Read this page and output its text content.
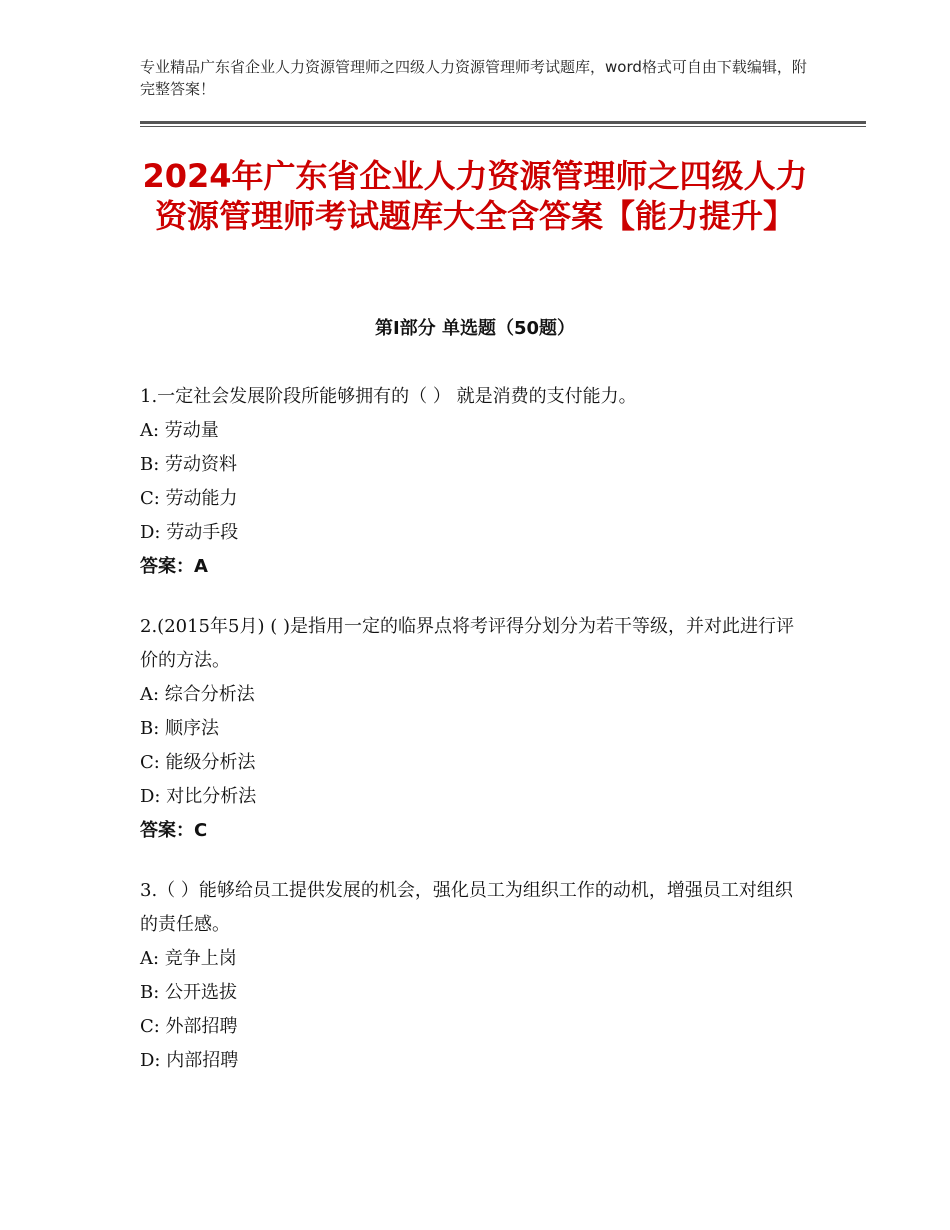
专业精品广东省企业人力资源管理师之四级人力资源管理师考试题库，word格式可自由下载编辑，附完整答案！
2024年广东省企业人力资源管理师之四级人力资源管理师考试题库大全含答案【能力提升】
第Ⅰ部分 单选题（50题）
1.一定社会发展阶段所能够拥有的（ ） 就是消费的支付能力。
A: 劳动量
B: 劳动资料
C: 劳动能力
D: 劳动手段
答案：A
2.(2015年5月) ( )是指用一定的临界点将考评得分划分为若干等级，并对此进行评价的方法。
A: 综合分析法
B: 顺序法
C: 能级分析法
D: 对比分析法
答案：C
3.（ ）能够给员工提供发展的机会，强化员工为组织工作的动机，增强员工对组织的责任感。
A: 竞争上岗
B: 公开选拔
C: 外部招聘
D: 内部招聘
